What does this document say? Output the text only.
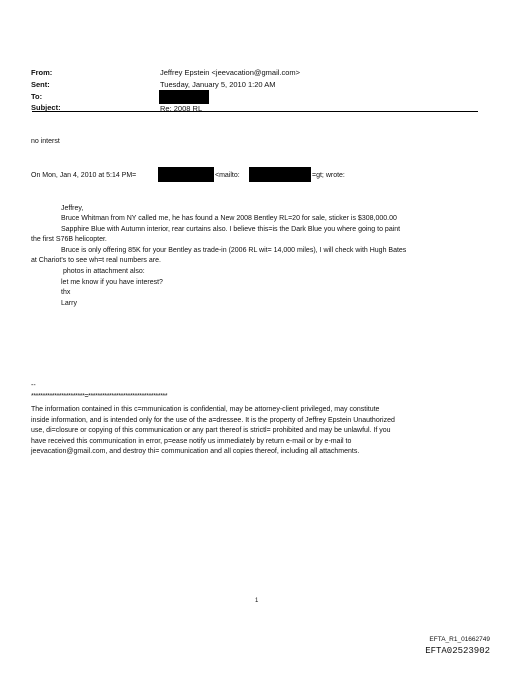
From:	Jeffrey Epstein <jeevacation@gmail.com>
Sent:	Tuesday, January 5, 2010 1:20 AM
To:
Subject:	Re: 2008 RL
no interst
On Mon, Jan 4, 2010 at 5:14 PM=	<mailto:	=gt; wrote:
Jeffrey,
Bruce Whitman from NY called me, he has found a New 2008 Bentley RL=20 for sale, sticker is $308,000.00
Sapphire Blue with Autumn interior, rear curtains also. I believe this=is the Dark Blue you where going to paint
the first S76B helicopter.
Bruce is only offering 85K for your Bentley as trade-in (2006 RL wit= 14,000 miles), I will check with Hugh Bates
at Chariot's to see wh=t real numbers are.
photos in attachment also:
let me know if you have interest?
thx
Larry
--
***********************=**********************************
The information contained in this c=mmunication is confidential, may be attorney-client privileged, may constitute
inside information, and is intended only for the use of the a=dressee. It is the property of Jeffrey Epstein Unauthorized
use, di=closure or copying of this communication or any part thereof is strictl= prohibited and may be unlawful. If you
have received this communication in error, p=ease notify us immediately by return e-mail or by e-mail to
jeevacation@gmail.com, and destroy thi= communication and all copies thereof, including all attachments.
1
EFTA_R1_01662749
EFTA02523902
